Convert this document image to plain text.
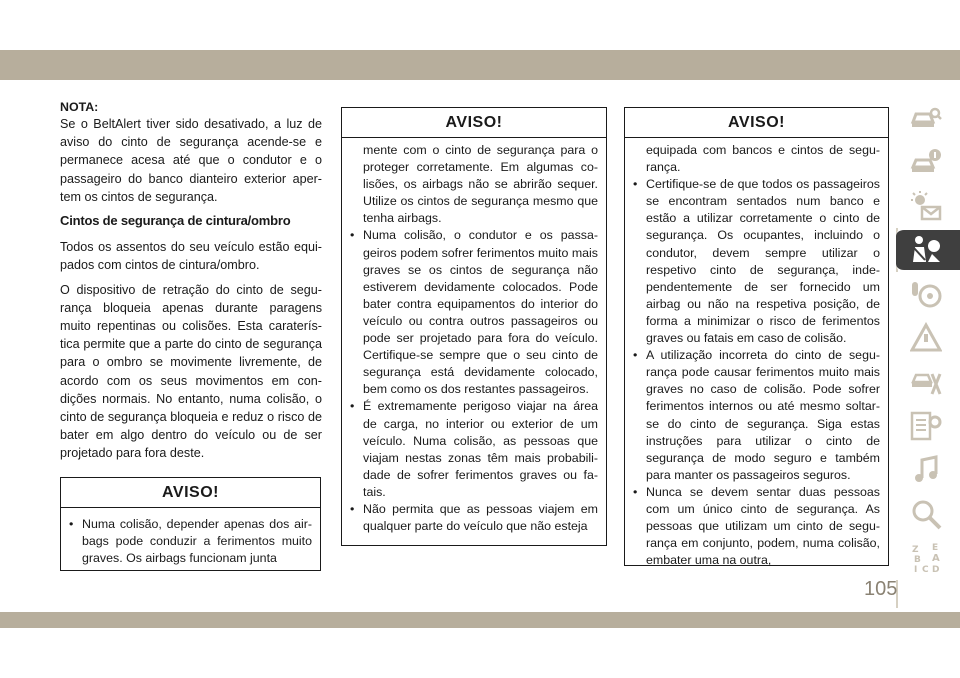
NOTA:

Se o BeltAlert tiver sido desativado, a luz de aviso do cinto de segurança acende-se e permanece acesa até que o condutor e o passageiro do banco dianteiro exterior apertem os cintos de segurança.

Cintos de segurança de cintura/ombro

Todos os assentos do seu veículo estão equipados com cintos de cintura/ombro.

O dispositivo de retração do cinto de segurança bloqueia apenas durante paragens muito repentinas ou colisões. Esta caraterística permite que a parte do cinto de segurança para o ombro se movimente livremente, de acordo com os seus movimentos em condições normais. No entanto, numa colisão, o cinto de segurança bloqueia e reduz o risco de bater em algo dentro do veículo ou de ser projetado para fora deste.

AVISO!

• Numa colisão, depender apenas dos airbags pode conduzir a ferimentos muito graves. Os airbags funcionam junta

AVISO!

mente com o cinto de segurança para o proteger corretamente. Em algumas colisões, os airbags não se abrirão sequer. Utilize os cintos de segurança mesmo que tenha airbags.

• Numa colisão, o condutor e os passageiros podem sofrer ferimentos muito mais graves se os cintos de segurança não estiverem devidamente colocados. Pode bater contra equipamentos do interior do veículo ou contra outros passageiros ou pode ser projetado para fora do veículo. Certifique-se sempre que o seu cinto de segurança está devidamente colocado, bem como os dos restantes passageiros.

• É extremamente perigoso viajar na área de carga, no interior ou exterior de um veículo. Numa colisão, as pessoas que viajam nestas zonas têm mais probabilidade de sofrer ferimentos graves ou fatais.

• Não permita que as pessoas viajem em qualquer parte do veículo que não esteja

AVISO!

equipada com bancos e cintos de segurança.

• Certifique-se de que todos os passageiros se encontram sentados num banco e estão a utilizar corretamente o cinto de segurança. Os ocupantes, incluindo o condutor, devem sempre utilizar o respetivo cinto de segurança, independentemente de ser fornecido um airbag ou não na respetiva posição, de forma a minimizar o risco de ferimentos graves ou fatais em caso de colisão.

• A utilização incorreta do cinto de segurança pode causar ferimentos muito mais graves no caso de colisão. Pode sofrer ferimentos internos ou até mesmo soltar-se do cinto de segurança. Siga estas instruções para utilizar o cinto de segurança de modo seguro e também para manter os passageiros seguros.

• Nunca se devem sentar duas pessoas com um único cinto de segurança. As pessoas que utilizam um cinto de segurança em conjunto, podem, numa colisão, embater uma na outra,

Z E
B
C D
A
I
105
